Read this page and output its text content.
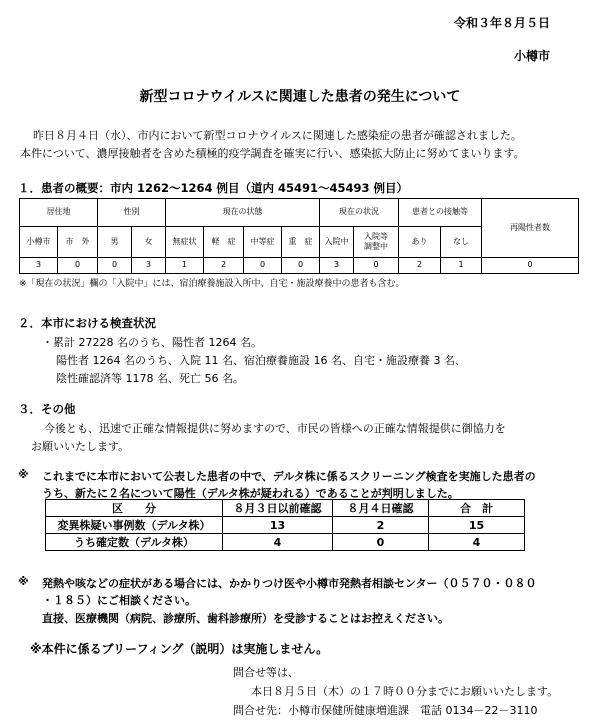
令和３年８月５日
小樽市
新型コロナウイルスに関連した患者の発生について
昨日８月４日（水）、市内において新型コロナウイルスに関連した感染症の患者が確認されました。
本件について、濃厚接触者を含めた積極的疫学調査を確実に行い、感染拡大防止に努めてまいります。
１．患者の概要：市内 1262～1264 例目（道内 45491～45493 例目）
居住地		性別		現在の状態				現在の状況		患者との接触等		再陽性者数
小樽市	市　外	男	女	無症状	軽　症	中等症	重　症	入院中	入院等
調整中	あり	なし	
3	0	0	3	1	2	0	0	3	0	2	1	0
※「現在の状況」欄の「入院中」には、宿泊療養施設入所中、自宅・施設療養中の患者も含む。
２．本市における検査状況
・累計 27228 名のうち、陽性者 1264 名。
陽性者 1264 名のうち、入院 11 名、宿泊療養施設 16 名、自宅・施設療養 3 名、
陰性確認済等 1178 名、死亡 56 名。
３．その他
今後とも、迅速で正確な情報提供に努めますので、市民の皆様への正確な情報提供に御協力を
お願いいたします。
※ これまでに本市において公表した患者の中で、デルタ株に係るスクリーニング検査を実施した患者の
うち、新たに２名について陽性（デルタ株が疑われる）であることが判明しました。
区　　分	８月３日以前確認	８月４日確認	合　計
変異株疑い事例数（デルタ株）	13	2	15
うち確定数（デルタ株）	4	0	4
※ 発熱や咳などの症状がある場合には、かかりつけ医や小樽市発熱者相談センター（０５７０・０８０
・１８５）にご相談ください。
直接、医療機関（病院、診療所、歯科診療所）を受診することはお控えください。
※本件に係るブリーフィング（説明）は実施しません。
問合せ等は、
本日８月５日（木）の１７時００分までにお願いいたします。
問合せ先：小樽市保健所健康増進課　電話 0134－22－3110
